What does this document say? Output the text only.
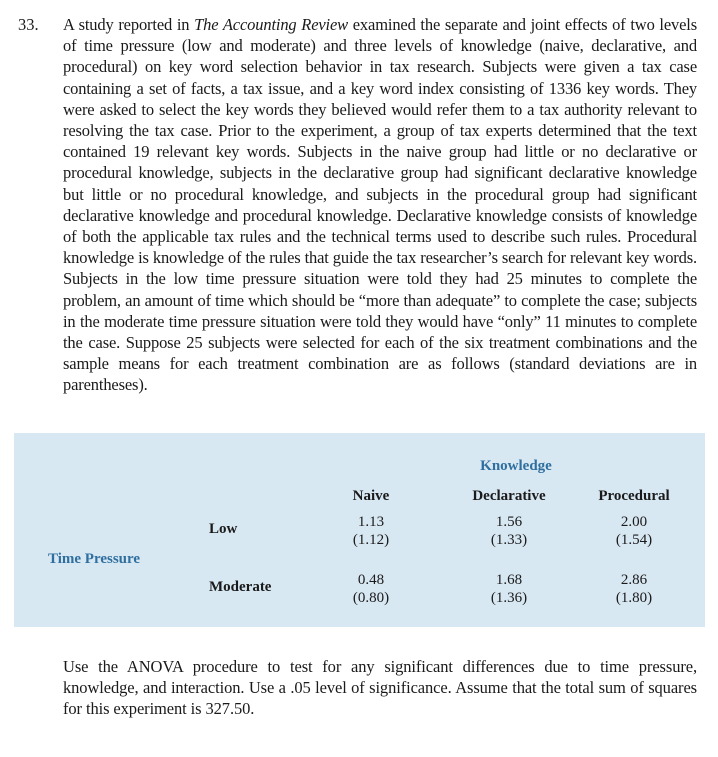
33. A study reported in The Accounting Review examined the separate and joint effects of two levels of time pressure (low and moderate) and three levels of knowledge (naive, declarative, and procedural) on key word selection behavior in tax research. Subjects were given a tax case containing a set of facts, a tax issue, and a key word index consisting of 1336 key words. They were asked to select the key words they believed would refer them to a tax authority relevant to resolving the tax case. Prior to the experiment, a group of tax experts determined that the text contained 19 relevant key words. Subjects in the naive group had little or no declarative or procedural knowledge, subjects in the declarative group had significant declarative knowledge but little or no procedural knowledge, and subjects in the procedural group had significant declarative knowledge and procedural knowledge. Declarative knowledge consists of knowledge of both the applicable tax rules and the technical terms used to describe such rules. Procedural knowledge is knowledge of the rules that guide the tax researcher’s search for relevant key words. Subjects in the low time pressure situation were told they had 25 minutes to complete the problem, an amount of time which should be “more than adequate” to complete the case; subjects in the moderate time pressure situation were told they would have “only” 11 minutes to complete the case. Suppose 25 subjects were selected for each of the six treatment combinations and the sample means for each treatment combination are as follows (standard deviations are in parentheses).
Knowledge
Naive	Declarative	Procedural
Time Pressure
Low
Moderate
1.13
(1.12)
1.56
(1.33)
2.00
(1.54)
0.48
(0.80)
1.68
(1.36)
2.86
(1.80)
Use the ANOVA procedure to test for any significant differences due to time pressure, knowledge, and interaction. Use a .05 level of significance. Assume that the total sum of squares for this experiment is 327.50.
